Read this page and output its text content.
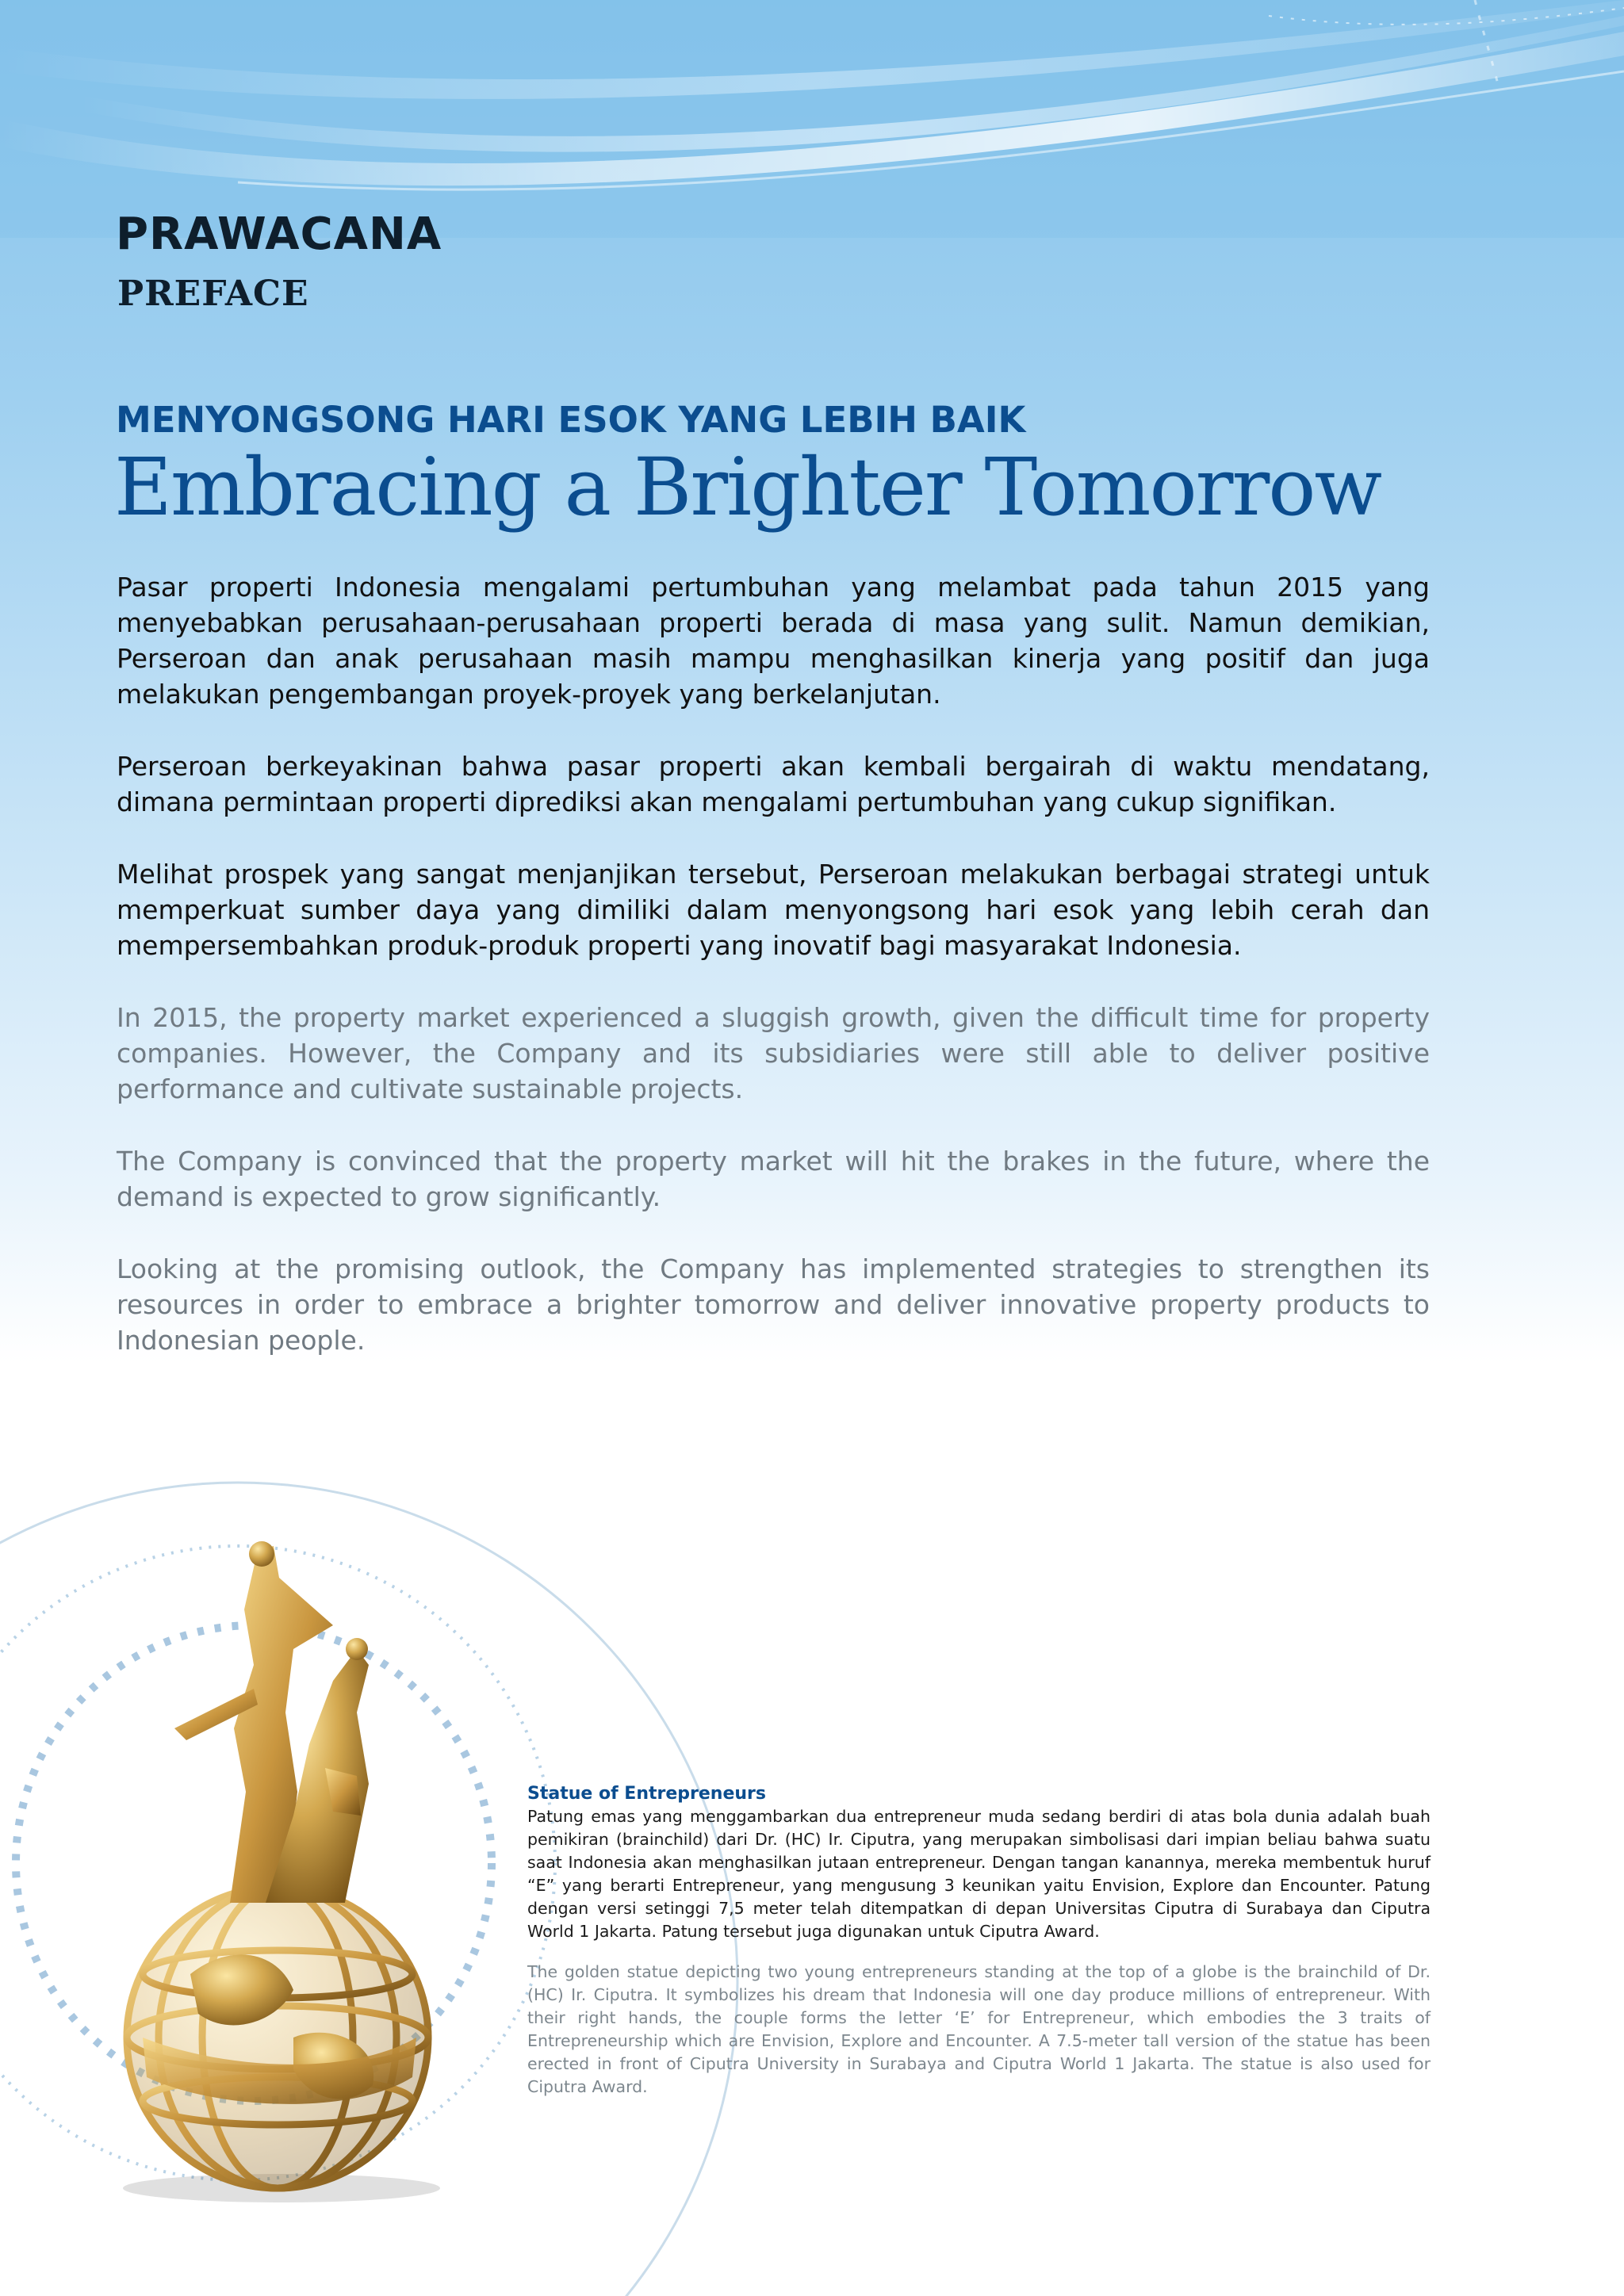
PRAWACANA
PREFACE
MENYONGSONG HARI ESOK YANG LEBIH BAIK
Embracing a Brighter Tomorrow

Pasar properti Indonesia mengalami pertumbuhan yang melambat pada tahun 2015 yang menyebabkan perusahaan-perusahaan properti berada di masa yang sulit. Namun demikian, Perseroan dan anak perusahaan masih mampu menghasilkan kinerja yang positif dan juga melakukan pengembangan proyek-proyek yang berkelanjutan.

Perseroan berkeyakinan bahwa pasar properti akan kembali bergairah di waktu mendatang, dimana permintaan properti diprediksi akan mengalami pertumbuhan yang cukup signifikan.

Melihat prospek yang sangat menjanjikan tersebut, Perseroan melakukan berbagai strategi untuk memperkuat sumber daya yang dimiliki dalam menyongsong hari esok yang lebih cerah dan mempersembahkan produk-produk properti yang inovatif bagi masyarakat Indonesia.

In 2015, the property market experienced a sluggish growth, given the difficult time for property companies. However, the Company and its subsidiaries were still able to deliver positive performance and cultivate sustainable projects.

The Company is convinced that the property market will hit the brakes in the future, where the demand is expected to grow significantly.

Looking at the promising outlook, the Company has implemented strategies to strengthen its resources in order to embrace a brighter tomorrow and deliver innovative property products to Indonesian people.

Statue of Entrepreneurs

Patung emas yang menggambarkan dua entrepreneur muda sedang berdiri di atas bola dunia adalah buah pemikiran (brainchild) dari Dr. (HC) Ir. Ciputra, yang merupakan simbolisasi dari impian beliau bahwa suatu saat Indonesia akan menghasilkan jutaan entrepreneur. Dengan tangan kanannya, mereka membentuk huruf “E” yang berarti Entrepreneur, yang mengusung 3 keunikan yaitu Envision, Explore dan Encounter. Patung dengan versi setinggi 7,5 meter telah ditempatkan di depan Universitas Ciputra di Surabaya dan Ciputra World 1 Jakarta. Patung tersebut juga digunakan untuk Ciputra Award.

The golden statue depicting two young entrepreneurs standing at the top of a globe is the brainchild of Dr. (HC) Ir. Ciputra. It symbolizes his dream that Indonesia will one day produce millions of entrepreneur. With their right hands, the couple forms the letter ‘E’ for Entrepreneur, which embodies the 3 traits of Entrepreneurship which are Envision, Explore and Encounter. A 7.5-meter tall version of the statue has been erected in front of Ciputra University in Surabaya and Ciputra World 1 Jakarta. The statue is also used for Ciputra Award.
